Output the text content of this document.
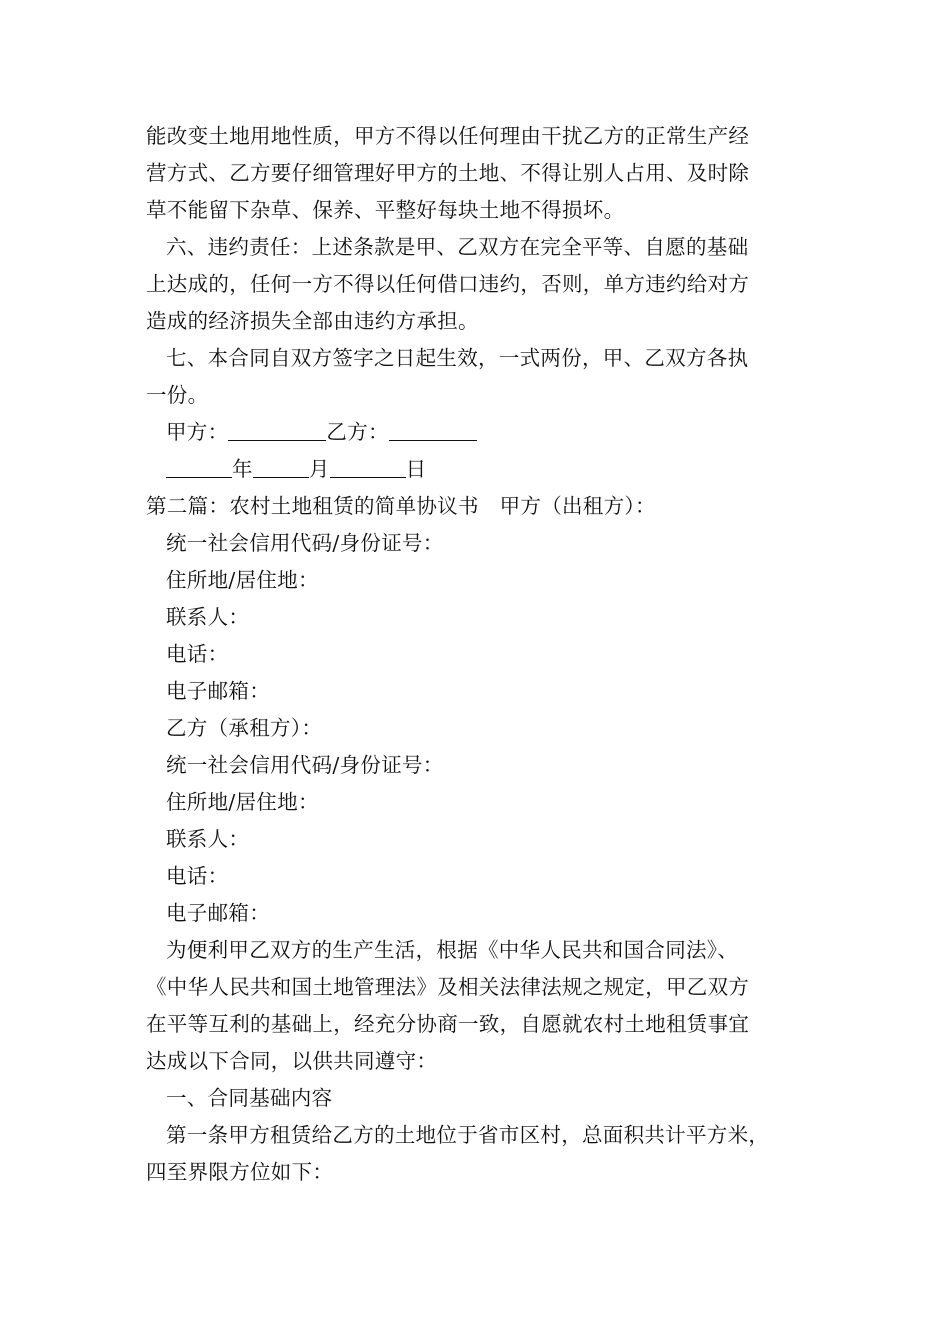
能改变土地用地性质，甲方不得以任何理由干扰乙方的正常生产经
营方式、乙方要仔细管理好甲方的土地、不得让别人占用、及时除
草不能留下杂草、保养、平整好每块土地不得损坏。
六、违约责任：上述条款是甲、乙双方在完全平等、自愿的基础
上达成的，任何一方不得以任何借口违约，否则，单方违约给对方
造成的经济损失全部由违约方承担。
七、本合同自双方签字之日起生效，一式两份，甲、乙双方各执
一份。
甲方：	乙方：
年	月	日
第二篇：农村土地租赁的简单协议书　甲方（出租方）：
统一社会信用代码/身份证号：
住所地/居住地：
联系人：
电话：
电子邮箱：
乙方（承租方）：
统一社会信用代码/身份证号：
住所地/居住地：
联系人：
电话：
电子邮箱：
为便利甲乙双方的生产生活，根据《中华人民共和国合同法》、
《中华人民共和国土地管理法》及相关法律法规之规定，甲乙双方
在平等互利的基础上，经充分协商一致，自愿就农村土地租赁事宜
达成以下合同，以供共同遵守：
一、合同基础内容
第一条甲方租赁给乙方的土地位于省市区村，总面积共计平方米，
四至界限方位如下：
